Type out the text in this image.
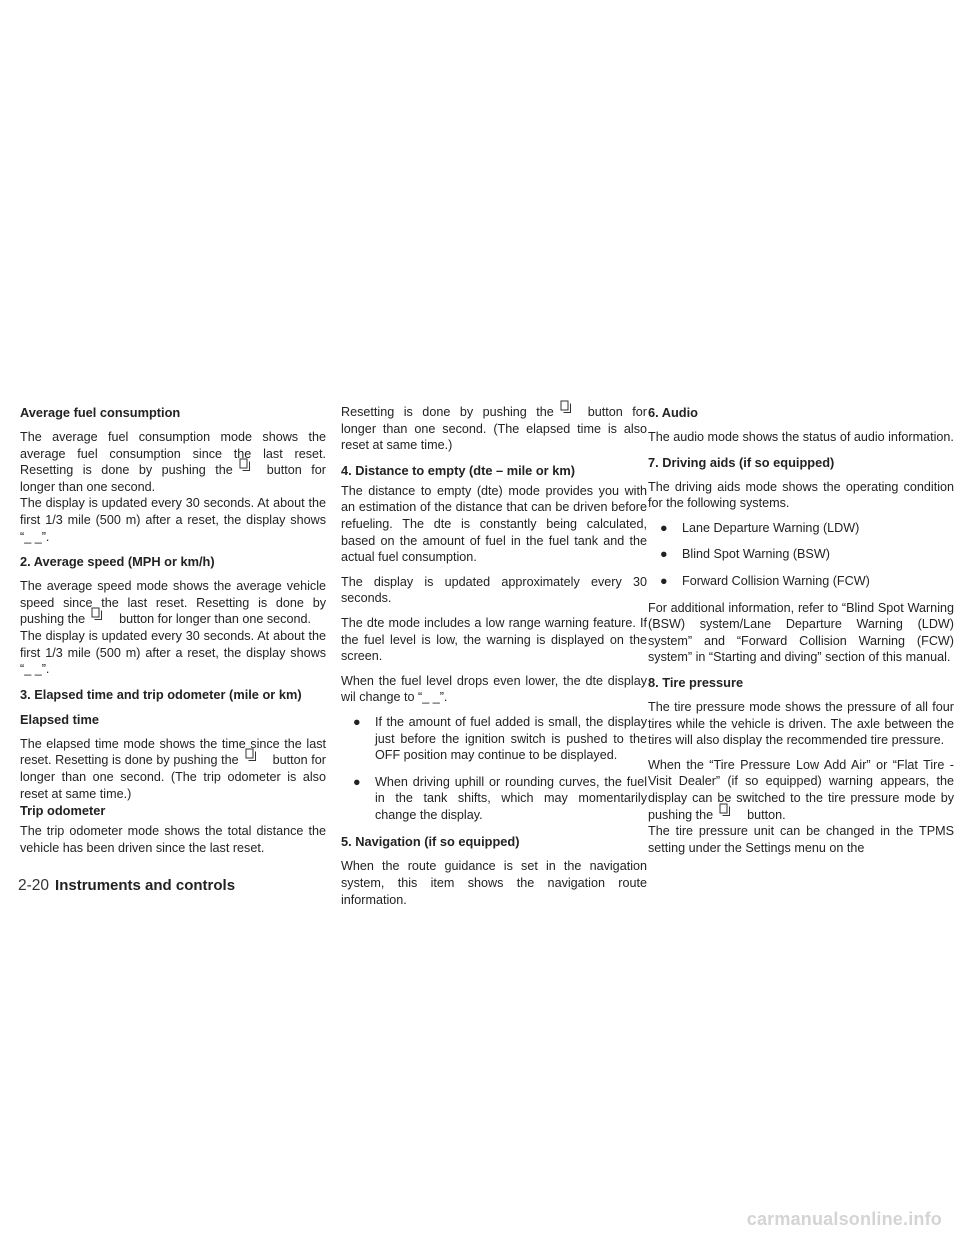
Average fuel consumption
The average fuel consumption mode shows the average fuel consumption since the last reset. Resetting is done by pushing the	button for longer than one second.
The display is updated every 30 seconds. At about the first 1/3 mile (500 m) after a reset, the display shows “_ _”.
2. Average speed (MPH or km/h)
The average speed mode shows the average vehicle speed since the last reset. Resetting is done by pushing the	button for longer than one second.
The display is updated every 30 seconds. At about the first 1/3 mile (500 m) after a reset, the display shows “_ _”.
3. Elapsed time and trip odometer (mile or km)
Elapsed time
The elapsed time mode shows the time since the last reset. Resetting is done by pushing the	button for longer than one second. (The trip odometer is also reset at same time.)
Trip odometer
The trip odometer mode shows the total distance the vehicle has been driven since the last reset.
Resetting is done by pushing the	button for longer than one second. (The elapsed time is also reset at same time.)
4. Distance to empty (dte – mile or km)
The distance to empty (dte) mode provides you with an estimation of the distance that can be driven before refueling. The dte is constantly being calculated, based on the amount of fuel in the fuel tank and the actual fuel consumption.
The display is updated approximately every 30 seconds.
The dte mode includes a low range warning feature. If the fuel level is low, the warning is displayed on the screen.
When the fuel level drops even lower, the dte display wil change to “_ _”.
● If the amount of fuel added is small, the display just before the ignition switch is pushed to the OFF position may continue to be displayed.
● When driving uphill or rounding curves, the fuel in the tank shifts, which may momentarily change the display.
5. Navigation (if so equipped)
When the route guidance is set in the navigation system, this item shows the navigation route information.
6. Audio
The audio mode shows the status of audio information.
7. Driving aids (if so equipped)
The driving aids mode shows the operating condition for the following systems.
● Lane Departure Warning (LDW)
● Blind Spot Warning (BSW)
● Forward Collision Warning (FCW)
For additional information, refer to “Blind Spot Warning (BSW) system/Lane Departure Warning (LDW) system” and “Forward Collision Warning (FCW) system” in “Starting and diving” section of this manual.
8. Tire pressure
The tire pressure mode shows the pressure of all four tires while the vehicle is driven. The axle between the tires will also display the recommended tire pressure.
When the “Tire Pressure Low Add Air” or “Flat Tire - Visit Dealer” (if so equipped) warning appears, the display can be switched to the tire pressure mode by pushing the	button.
The tire pressure unit can be changed in the TPMS setting under the Settings menu on the
2-20 Instruments and controls
carmanualsonline.info
